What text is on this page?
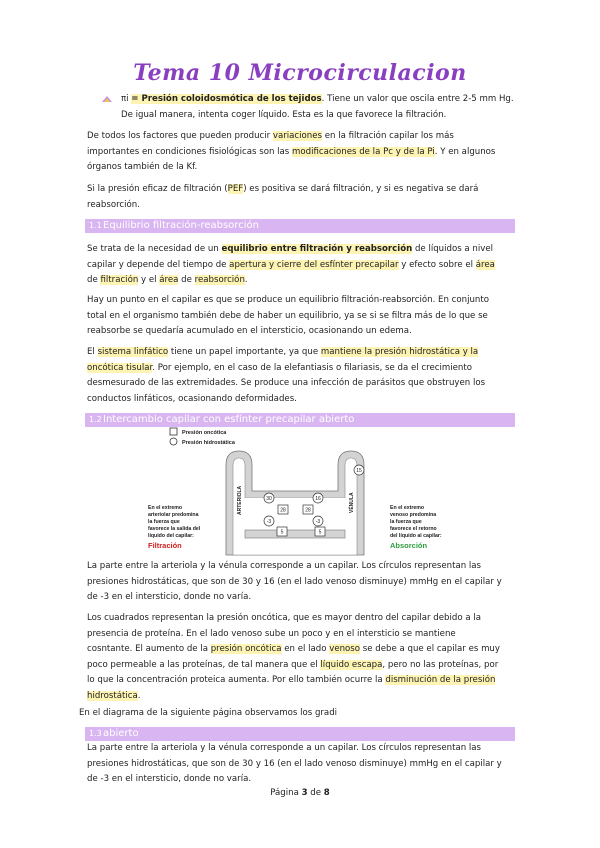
Tema 10 Microcirculacion

πi = Presión coloidosmótica de los tejidos. Tiene un valor que oscila entre 2-5 mm Hg.

De igual manera, intenta coger líquido. Esta es la que favorece la filtración.

De todos los factores que pueden producir variaciones en la filtración capilar los más

importantes en condiciones fisiológicas son las modificaciones de la Pc y de la Pi. Y en algunos

órganos también de la Kf.

Si la presión eficaz de filtración (PEF) es positiva se dará filtración, y si es negativa se dará

reabsorción.

1.1 Equilibrio filtración-reabsorción

Se trata de la necesidad de un equilibrio entre filtración y reabsorción de líquidos a nivel

capilar y depende del tiempo de apertura y cierre del esfínter precapilar y efecto sobre el área

de filtración y el área de reabsorción.

Hay un punto en el capilar es que se produce un equilibrio filtración-reabsorción. En conjunto

total en el organismo también debe de haber un equilibrio, ya se si se filtra más de lo que se

reabsorbe se quedaría acumulado en el intersticio, ocasionando un edema.

El sistema linfático tiene un papel importante, ya que mantiene la presión hidrostática y la

oncótica tisular. Por ejemplo, en el caso de la elefantiasis o filariasis, se da el crecimiento

desmesurado de las extremidades. Se produce una infección de parásitos que obstruyen los

conductos linfáticos, ocasionando deformidades.

1.2 Intercambio capilar con esfínter precapilar abierto
Presión oncótica
Presión hidrostática
ARTERIOLA	VÉNULA
30	16
15
28	28
-3	-3
5	5
En el extremo
arteriolar predomina
la fuerza que
favorece la salida del
líquido del capilar:
Filtración
En el extremo
venoso predomina
la fuerza que
favorece el retorno
del líquido al capilar:
Absorción

La parte entre la arteriola y la vénula corresponde a un capilar. Los círculos representan las

presiones hidrostáticas, que son de 30 y 16 (en el lado venoso disminuye) mmHg en el capilar y

de -3 en el intersticio, donde no varía.

Los cuadrados representan la presión oncótica, que es mayor dentro del capilar debido a la

presencia de proteína. En el lado venoso sube un poco y en el intersticio se mantiene

cosntante. El aumento de la presión oncótica en el lado venoso se debe a que el capilar es muy

poco permeable a las proteínas, de tal manera que el líquido escapa, pero no las proteínas, por

lo que la concentración proteica aumenta. Por ello también ocurre la disminución de la presión

hidrostática.

En el diagrama de la siguiente página observamos los gradi
1.3 abierto

La parte entre la arteriola y la vénula corresponde a un capilar. Los círculos representan las

presiones hidrostáticas, que son de 30 y 16 (en el lado venoso disminuye) mmHg en el capilar y

de -3 en el intersticio, donde no varía.

Página 3 de 8
